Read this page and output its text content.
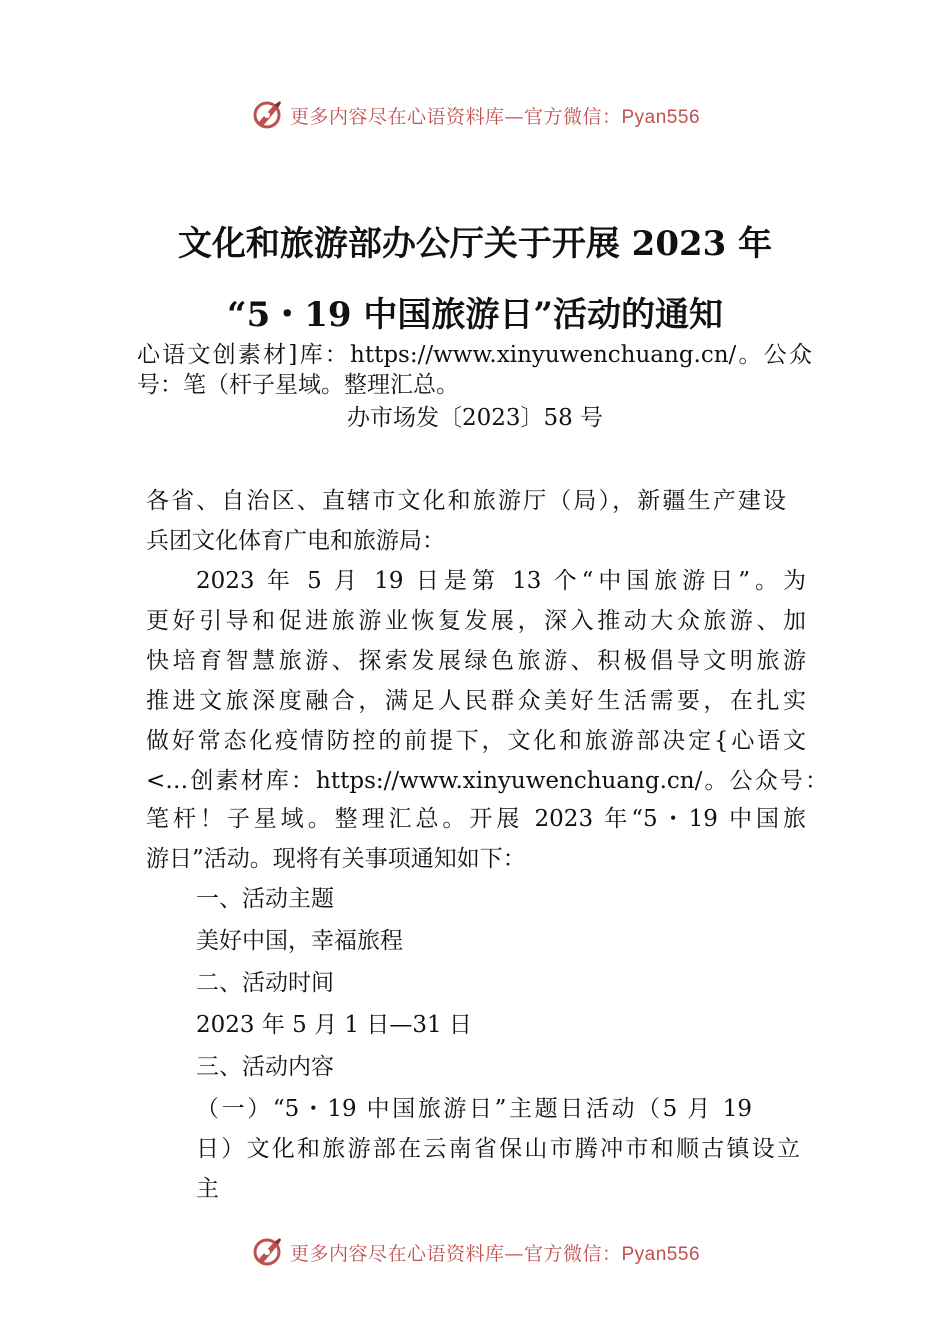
更多内容尽在心语资料库—官方微信：Pyan556
文化和旅游部办公厅关于开展 2023 年
“5・19 中国旅游日”活动的通知
心语文创素材]库：https://www.xinyuwenchuang.cn/。公众
号：笔（杆子星域。整理汇总。
办市场发〔2023〕58 号
各省、自治区、直辖市文化和旅游厅（局），新疆生产建设
兵团文化体育广电和旅游局：
2023 年 5 月 19 日是第 13 个“中国旅游日”。为
更好引导和促进旅游业恢复发展，深入推动大众旅游、加
快培育智慧旅游、探索发展绿色旅游、积极倡导文明旅游
推进文旅深度融合，满足人民群众美好生活需要，在扎实
做好常态化疫情防控的前提下，文化和旅游部决定{心语文
<…创素材库：https://www.xinyuwenchuang.cn/。公众号：
笔杆！子星域。整理汇总。开展 2023 年“5・19 中国旅
游日”活动。现将有关事项通知如下：
一、活动主题
美好中国，幸福旅程
二、活动时间
2023 年 5 月 1 日—31 日
三、活动内容
（一）“5・19 中国旅游日”主题日活动（5 月 19
日）文化和旅游部在云南省保山市腾冲市和顺古镇设立
主
更多内容尽在心语资料库—官方微信：Pyan556
